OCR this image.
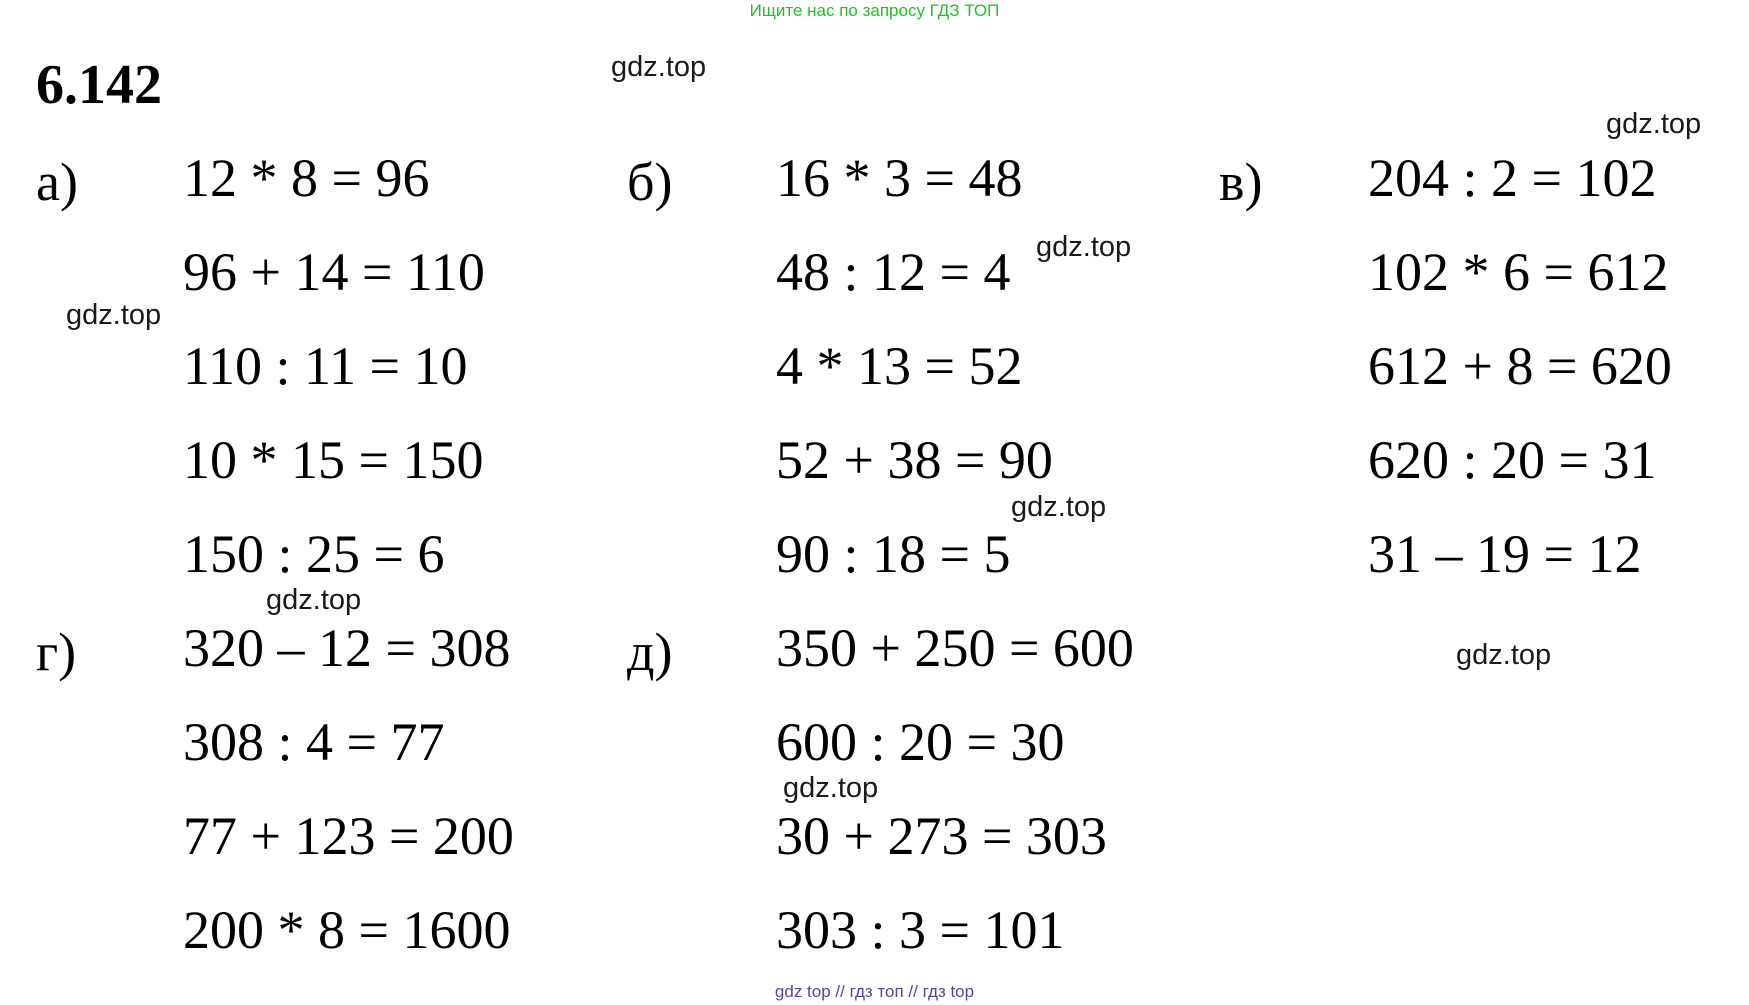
Ищите нас по запросу ГДЗ ТОП
6.142
а) 12 * 8 = 96
96 + 14 = 110
110 : 11 = 10
10 * 15 = 150
150 : 25 = 6
б) 16 * 3 = 48
48 : 12 = 4
4 * 13 = 52
52 + 38 = 90
90 : 18 = 5
в) 204 : 2 = 102
102 * 6 = 612
612 + 8 = 620
620 : 20 = 31
31 – 19 = 12
г) 320 – 12 = 308
308 : 4 = 77
77 + 123 = 200
200 * 8 = 1600
д) 350 + 250 = 600
600 : 20 = 30
30 + 273 = 303
303 : 3 = 101
gdz.top
gdz.top
gdz.top
gdz.top
gdz.top
gdz.top
gdz.top
gdz.top
gdz top // гдз топ // гдз top
